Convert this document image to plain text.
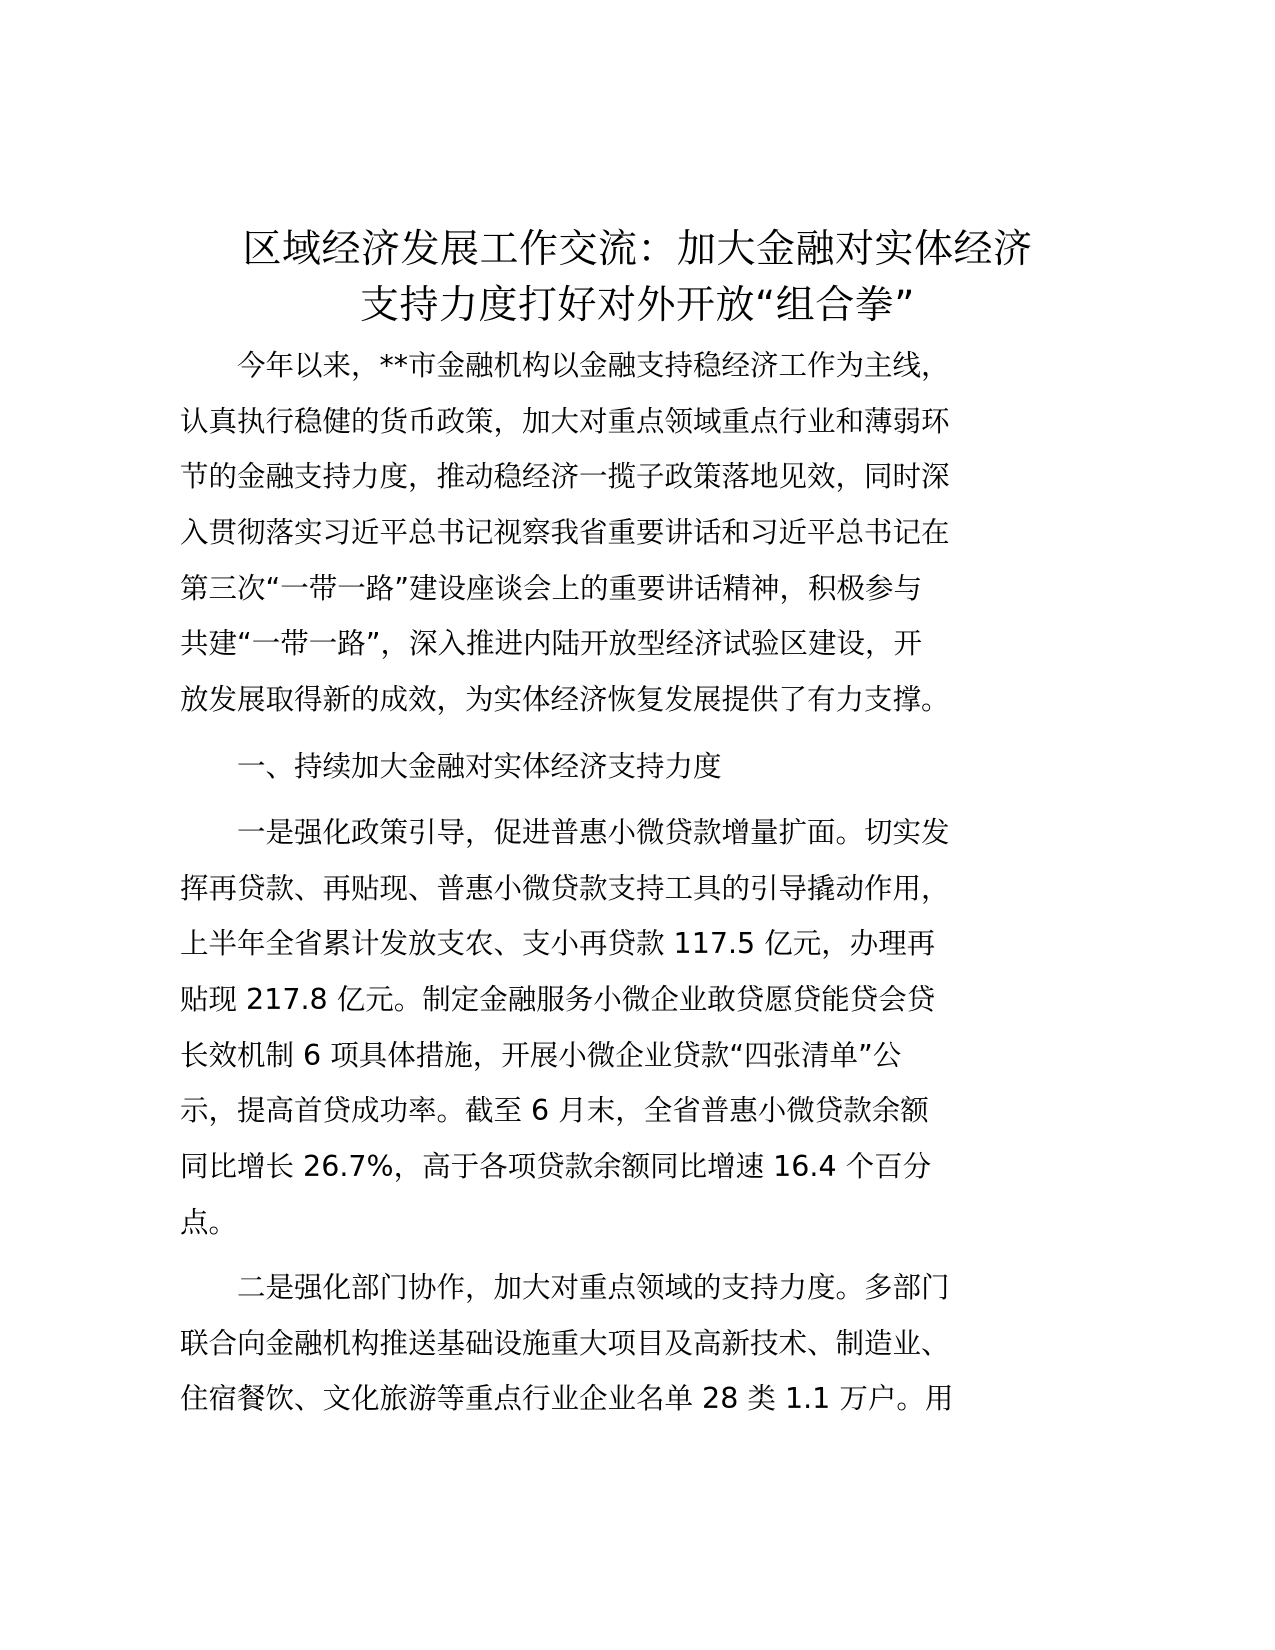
区域经济发展工作交流：加大金融对实体经济
支持力度打好对外开放“组合拳”
　　今年以来，**市金融机构以金融支持稳经济工作为主线，
认真执行稳健的货币政策，加大对重点领域重点行业和薄弱环
节的金融支持力度，推动稳经济一揽子政策落地见效，同时深
入贯彻落实习近平总书记视察我省重要讲话和习近平总书记在
第三次“一带一路”建设座谈会上的重要讲话精神，积极参与
共建“一带一路”，深入推进内陆开放型经济试验区建设，开
放发展取得新的成效，为实体经济恢复发展提供了有力支撑。
　　一、持续加大金融对实体经济支持力度
　　一是强化政策引导，促进普惠小微贷款增量扩面。切实发
挥再贷款、再贴现、普惠小微贷款支持工具的引导撬动作用，
上半年全省累计发放支农、支小再贷款 117.5 亿元，办理再
贴现 217.8 亿元。制定金融服务小微企业敢贷愿贷能贷会贷
长效机制 6 项具体措施，开展小微企业贷款“四张清单”公
示，提高首贷成功率。截至 6 月末，全省普惠小微贷款余额
同比增长 26.7%，高于各项贷款余额同比增速 16.4 个百分
点。
　　二是强化部门协作，加大对重点领域的支持力度。多部门
联合向金融机构推送基础设施重大项目及高新技术、制造业、
住宿餐饮、文化旅游等重点行业企业名单 28 类 1.1 万户。用
